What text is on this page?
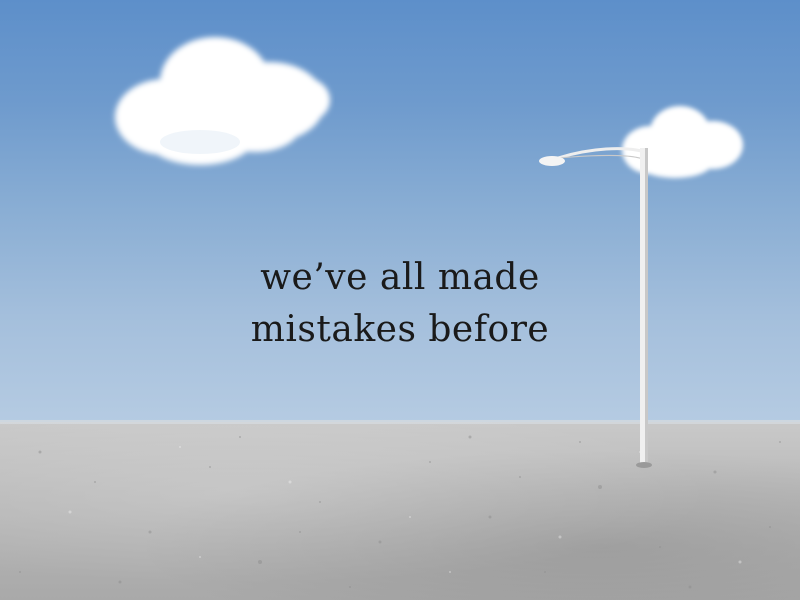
we’ve all made
mistakes before
